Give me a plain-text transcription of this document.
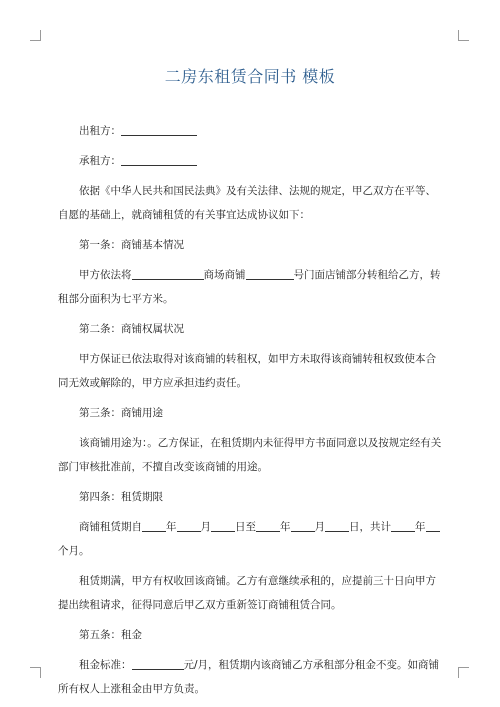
二房东租赁合同书 模板
出租方：
承租方：
依据《中华人民共和国民法典》及有关法律、法规的规定，甲乙双方在平等、自愿的基础上，就商铺租赁的有关事宜达成协议如下：
第一条：商铺基本情况
甲方依法将	商场商铺	号门面店铺部分转租给乙方，转租部分面积为七平方米。
第二条：商铺权属状况
甲方保证已依法取得对该商铺的转租权，如甲方未取得该商铺转租权致使本合同无效或解除的，甲方应承担违约责任。
第三条：商铺用途
该商铺用途为：。乙方保证，在租赁期内未征得甲方书面同意以及按规定经有关部门审核批准前，不擅自改变该商铺的用途。
第四条：租赁期限
商铺租赁期自 年 月 日至 年 月 日，共计 年个月。
租赁期满，甲方有权收回该商铺。乙方有意继续承租的，应提前三十日向甲方提出续租请求，征得同意后甲乙双方重新签订商铺租赁合同。
第五条：租金
租金标准：	元/月，租赁期内该商铺乙方承租部分租金不变。如商铺所有权人上涨租金由甲方负责。
